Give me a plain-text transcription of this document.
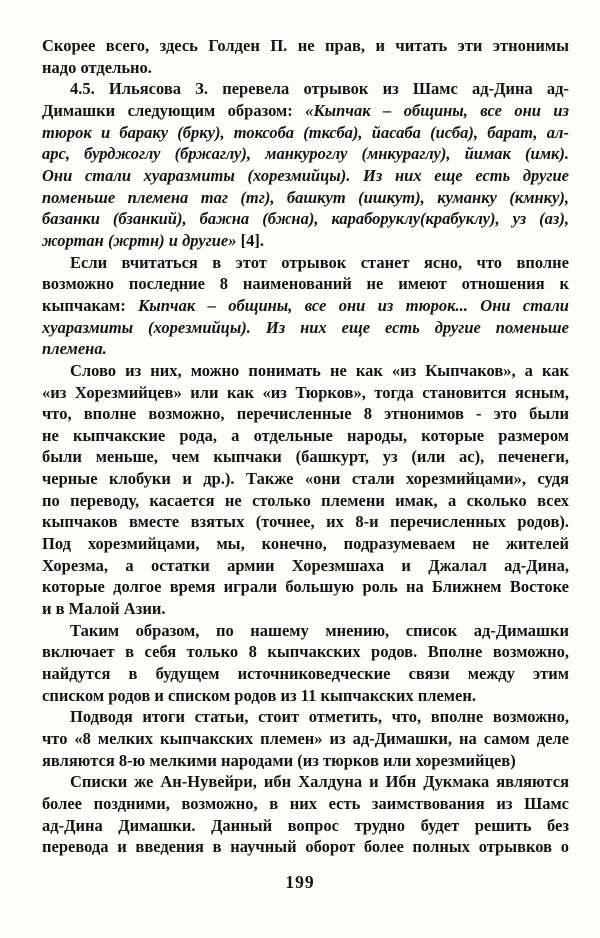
Скорее всего, здесь Голден П. не прав, и читать эти этнонимы
надо отдельно.
4.5. Ильясова З. перевела отрывок из Шамс ад-Дина ад-
Димашки следующим образом: «Кыпчак – общины, все они из
тюрок и бараку (брку), токсоба (тксба), йасаба (исба), барат, ал-
арс, бурджоглу (бржаглу), манкуроглу (мнкураглу), йимак (имк).
Они стали хуаразмиты (хорезмийцы). Из них еще есть другие
поменьше племена таг (тг), башкут (ишкут), куманку (кмнку),
базанки (бзанкий), бажна (бжна), караборуклу(крабуклу), уз (аз),
жортан (жртн) и другие» [4].
Если вчитаться в этот отрывок станет ясно, что вполне
возможно последние 8 наименований не имеют отношения к
кыпчакам: Кыпчак – общины, все они из тюрок... Они стали
хуаразмиты (хорезмийцы). Из них еще есть другие поменьше
племена.
Слово из них, можно понимать не как «из Кыпчаков», а как
«из Хорезмийцев» или как «из Тюрков», тогда становится ясным,
что, вполне возможно, перечисленные 8 этнонимов - это были
не кыпчакские рода, а отдельные народы, которые размером
были меньше, чем кыпчаки (башкурт, уз (или ас), печенеги,
черные клобуки и др.). Также «они стали хорезмийцами», судя
по переводу, касается не столько племени имак, а сколько всех
кыпчаков вместе взятых (точнее, их 8-и перечисленных родов).
Под хорезмийцами, мы, конечно, подразумеваем не жителей
Хорезма, а остатки армии Хорезмшаха и Джалал ад-Дина,
которые долгое время играли большую роль на Ближнем Востоке
и в Малой Азии.
Таким образом, по нашему мнению, список ад-Димашки
включает в себя только 8 кыпчакских родов. Вполне возможно,
найдутся в будущем источниковедческие связи между этим
списком родов и списком родов из 11 кыпчакских племен.
Подводя итоги статьи, стоит отметить, что, вполне возможно,
что «8 мелких кыпчакских племен» из ад-Димашки, на самом деле
являются 8-ю мелкими народами (из тюрков или хорезмийцев)
Списки же Ан-Нувейри, ибн Халдуна и Ибн Дукмака являются
более поздними, возможно, в них есть заимствования из Шамс
ад-Дина Димашки. Данный вопрос трудно будет решить без
перевода и введения в научный оборот более полных отрывков о
199
